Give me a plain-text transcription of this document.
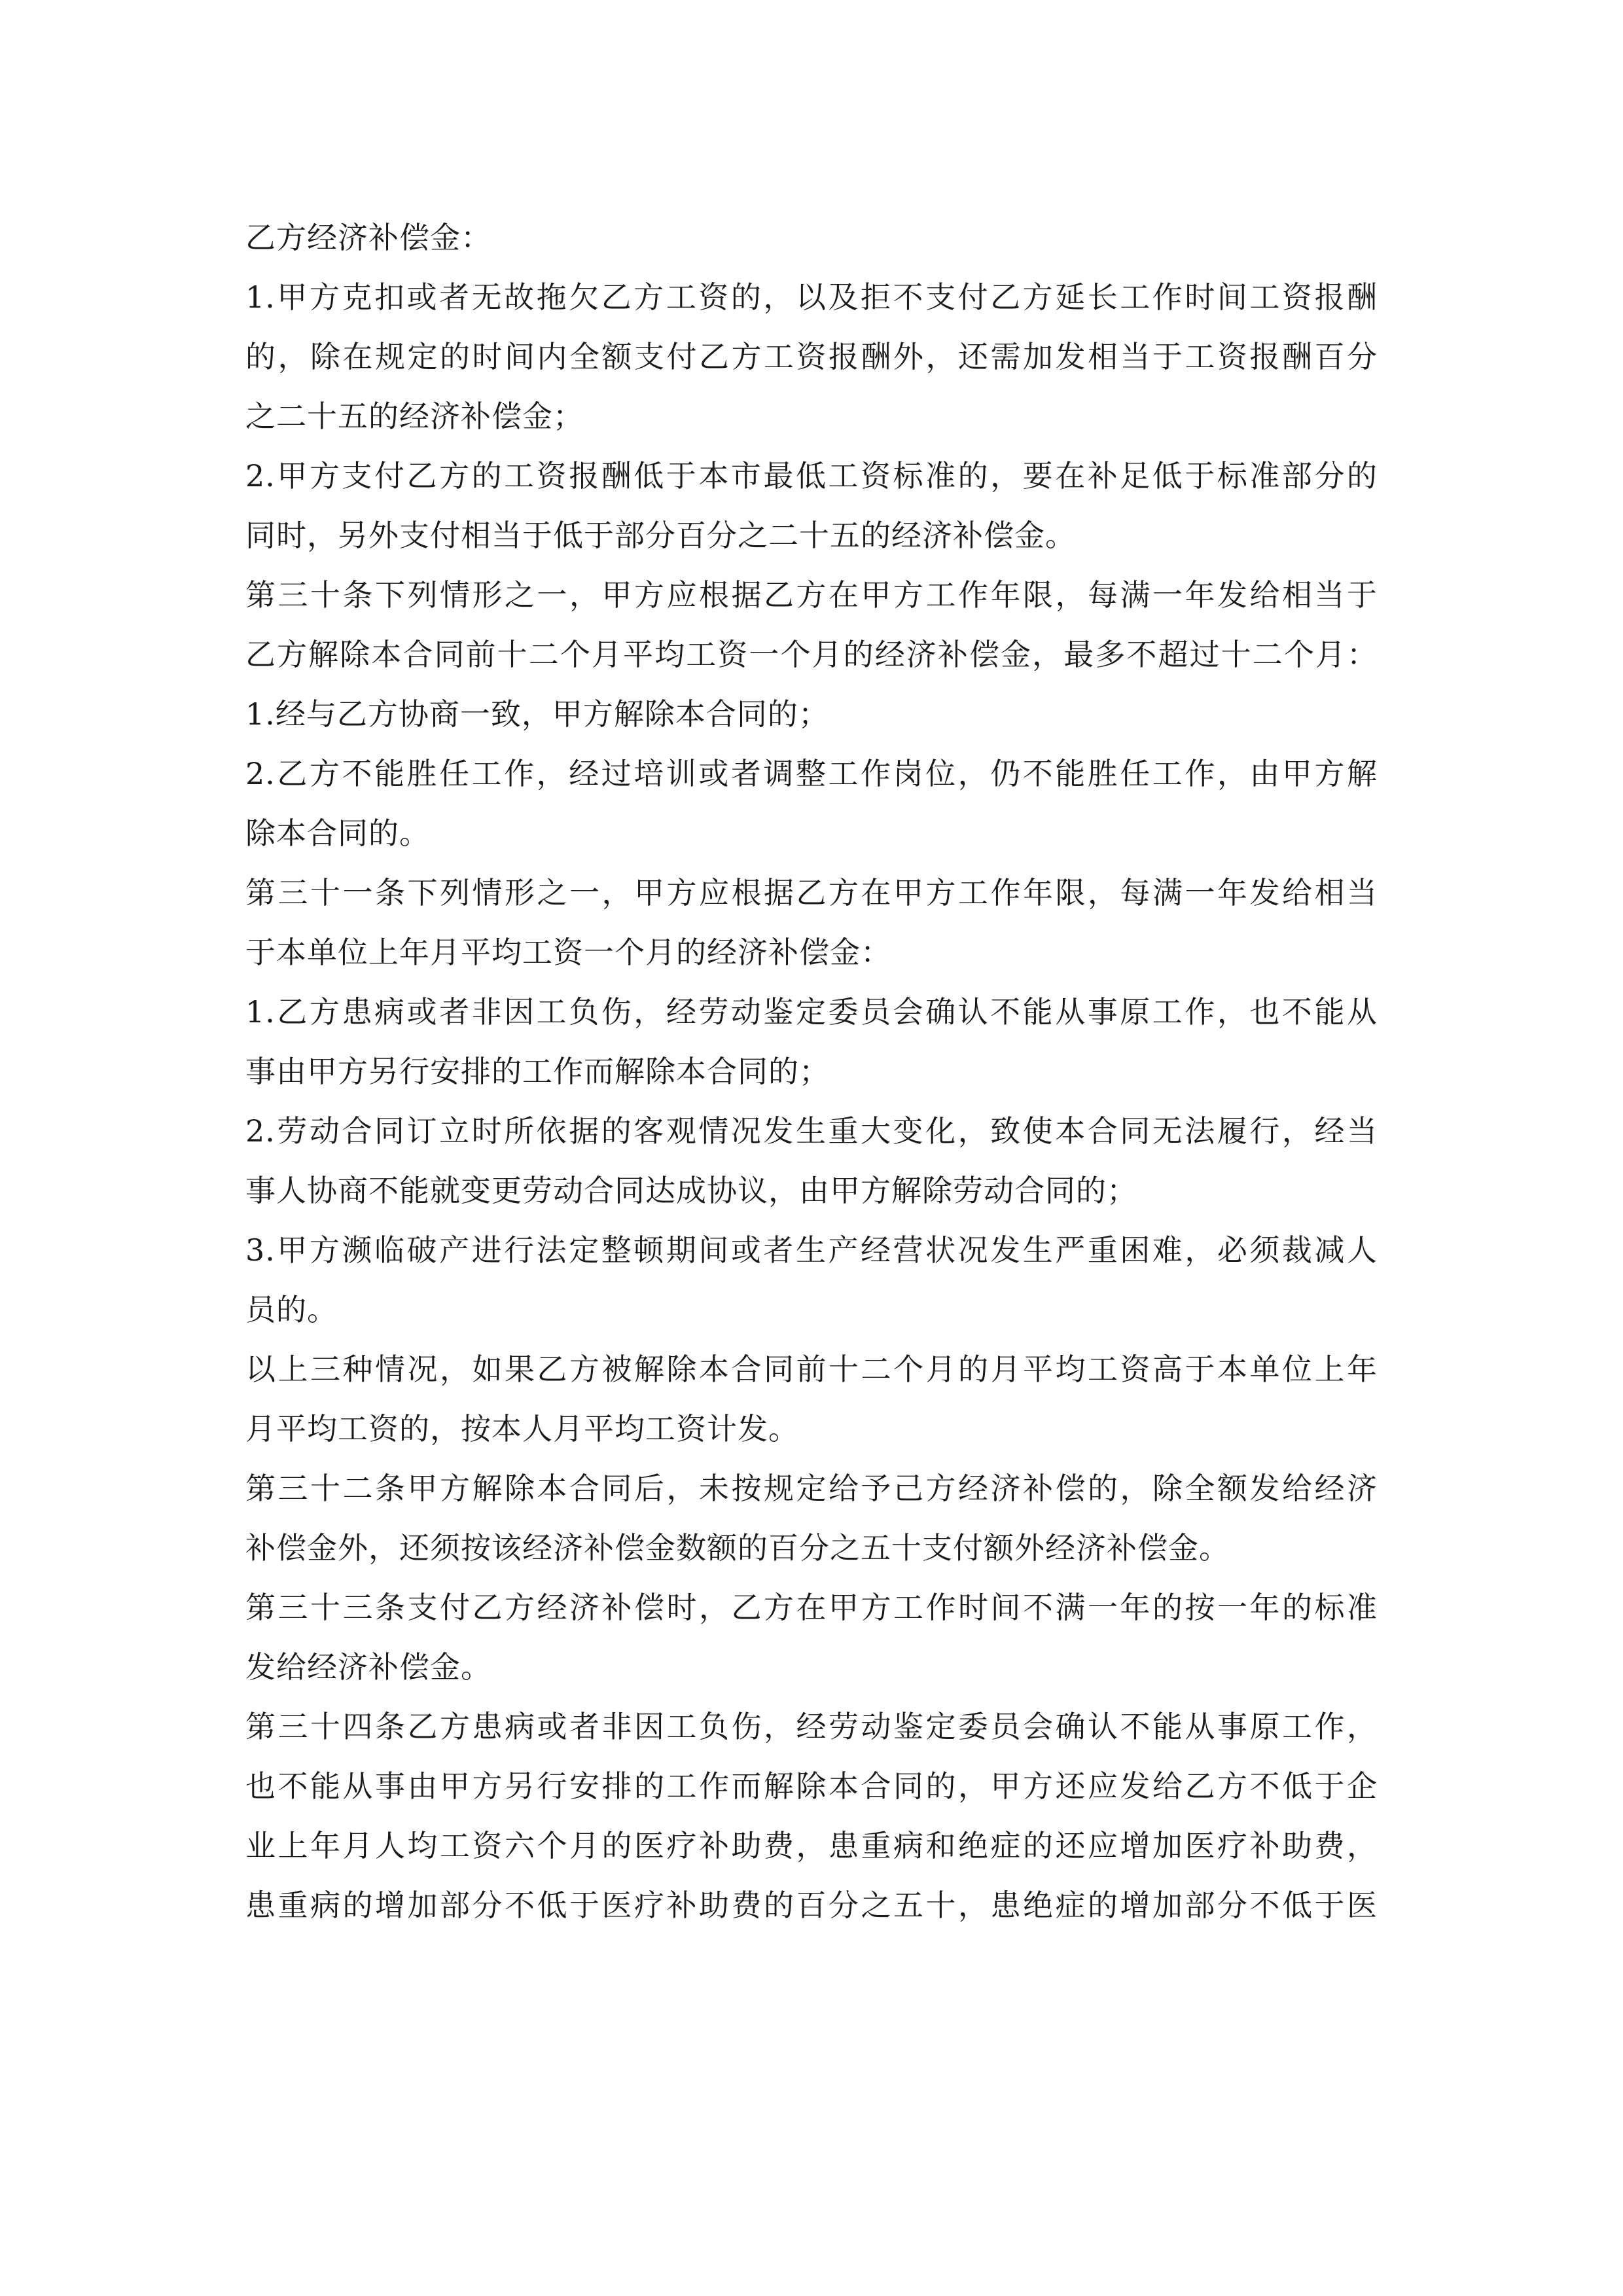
乙方经济补偿金：
1.甲方克扣或者无故拖欠乙方工资的，以及拒不支付乙方延长工作时间工资报酬
的，除在规定的时间内全额支付乙方工资报酬外，还需加发相当于工资报酬百分
之二十五的经济补偿金；
2.甲方支付乙方的工资报酬低于本市最低工资标准的，要在补足低于标准部分的
同时，另外支付相当于低于部分百分之二十五的经济补偿金。
第三十条下列情形之一，甲方应根据乙方在甲方工作年限，每满一年发给相当于
乙方解除本合同前十二个月平均工资一个月的经济补偿金，最多不超过十二个月：
1.经与乙方协商一致，甲方解除本合同的；
2.乙方不能胜任工作，经过培训或者调整工作岗位，仍不能胜任工作，由甲方解
除本合同的。
第三十一条下列情形之一，甲方应根据乙方在甲方工作年限，每满一年发给相当
于本单位上年月平均工资一个月的经济补偿金：
1.乙方患病或者非因工负伤，经劳动鉴定委员会确认不能从事原工作，也不能从
事由甲方另行安排的工作而解除本合同的；
2.劳动合同订立时所依据的客观情况发生重大变化，致使本合同无法履行，经当
事人协商不能就变更劳动合同达成协议，由甲方解除劳动合同的；
3.甲方濒临破产进行法定整顿期间或者生产经营状况发生严重困难，必须裁减人
员的。
以上三种情况，如果乙方被解除本合同前十二个月的月平均工资高于本单位上年
月平均工资的，按本人月平均工资计发。
第三十二条甲方解除本合同后，未按规定给予己方经济补偿的，除全额发给经济
补偿金外，还须按该经济补偿金数额的百分之五十支付额外经济补偿金。
第三十三条支付乙方经济补偿时，乙方在甲方工作时间不满一年的按一年的标准
发给经济补偿金。
第三十四条乙方患病或者非因工负伤，经劳动鉴定委员会确认不能从事原工作，
也不能从事由甲方另行安排的工作而解除本合同的，甲方还应发给乙方不低于企
业上年月人均工资六个月的医疗补助费，患重病和绝症的还应增加医疗补助费，
患重病的增加部分不低于医疗补助费的百分之五十，患绝症的增加部分不低于医
